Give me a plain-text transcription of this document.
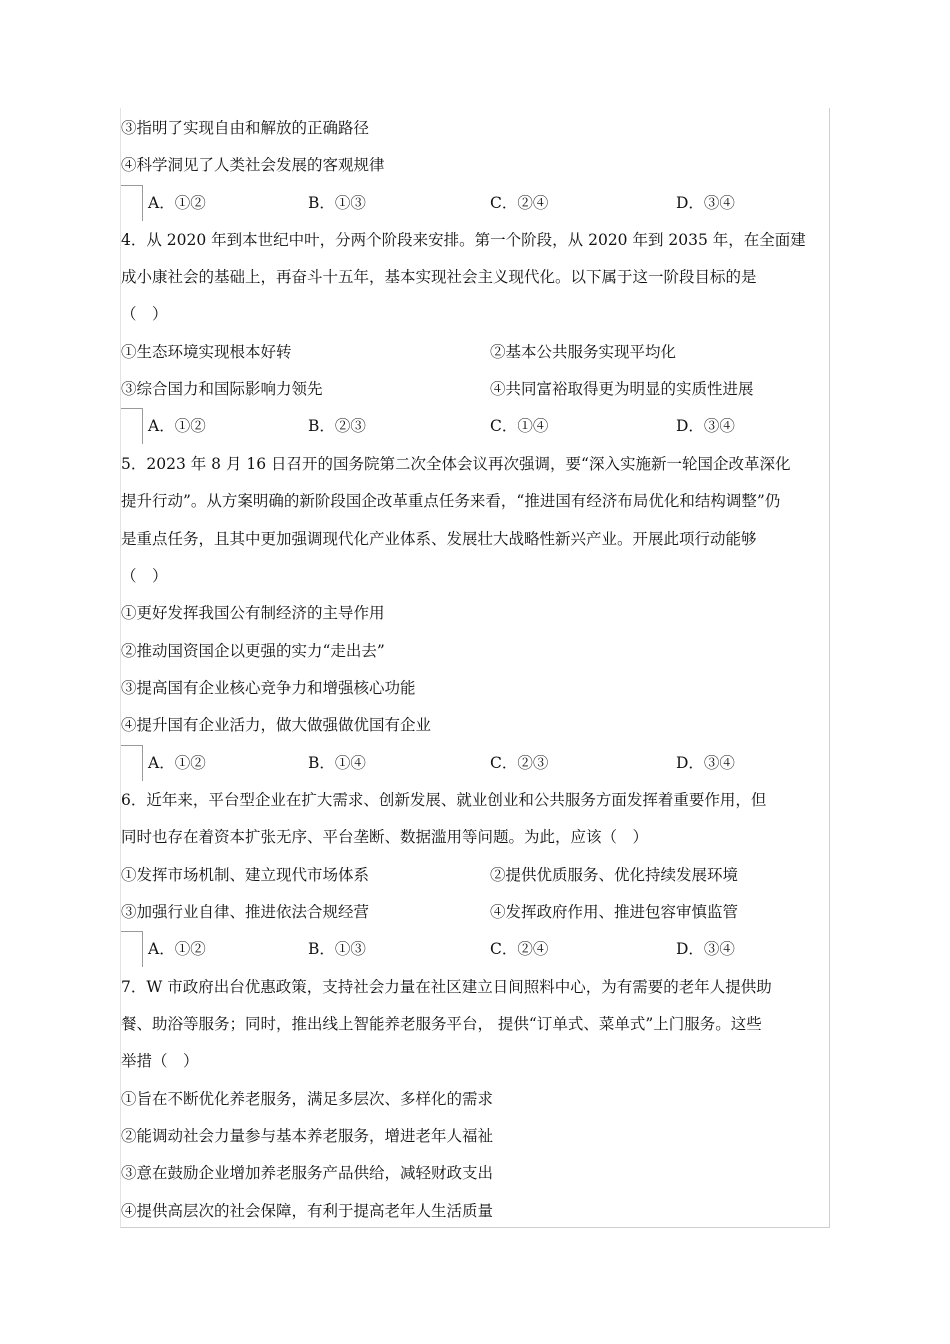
③指明了实现自由和解放的正确路径
④科学洞见了人类社会发展的客观规律
A．①②	B．①③	C．②④	D．③④
4．从 2020 年到本世纪中叶，分两个阶段来安排。第一个阶段，从 2020 年到 2035 年，在全面建
成小康社会的基础上，再奋斗十五年，基本实现社会主义现代化。以下属于这一阶段目标的是
（　）
①生态环境实现根本好转	②基本公共服务实现平均化
③综合国力和国际影响力领先	④共同富裕取得更为明显的实质性进展
A．①②	B．②③	C．①④	D．③④
5．2023 年 8 月 16 日召开的国务院第二次全体会议再次强调，要“深入实施新一轮国企改革深化
提升行动”。从方案明确的新阶段国企改革重点任务来看，“推进国有经济布局优化和结构调整”仍
是重点任务，且其中更加强调现代化产业体系、发展壮大战略性新兴产业。开展此项行动能够
（　）
①更好发挥我国公有制经济的主导作用
②推动国资国企以更强的实力“走出去”
③提高国有企业核心竞争力和增强核心功能
④提升国有企业活力，做大做强做优国有企业
A．①②	B．①④	C．②③	D．③④
6．近年来，平台型企业在扩大需求、创新发展、就业创业和公共服务方面发挥着重要作用，但
同时也存在着资本扩张无序、平台垄断、数据滥用等问题。为此，应该（　）
①发挥市场机制、建立现代市场体系	②提供优质服务、优化持续发展环境
③加强行业自律、推进依法合规经营	④发挥政府作用、推进包容审慎监管
A．①②	B．①③	C．②④	D．③④
7．W 市政府出台优惠政策，支持社会力量在社区建立日间照料中心，为有需要的老年人提供助
餐、助浴等服务；同时，推出线上智能养老服务平台， 提供“订单式、菜单式”上门服务。这些
举措（　）
①旨在不断优化养老服务，满足多层次、多样化的需求
②能调动社会力量参与基本养老服务，增进老年人福祉
③意在鼓励企业增加养老服务产品供给，减轻财政支出
④提供高层次的社会保障，有利于提高老年人生活质量
